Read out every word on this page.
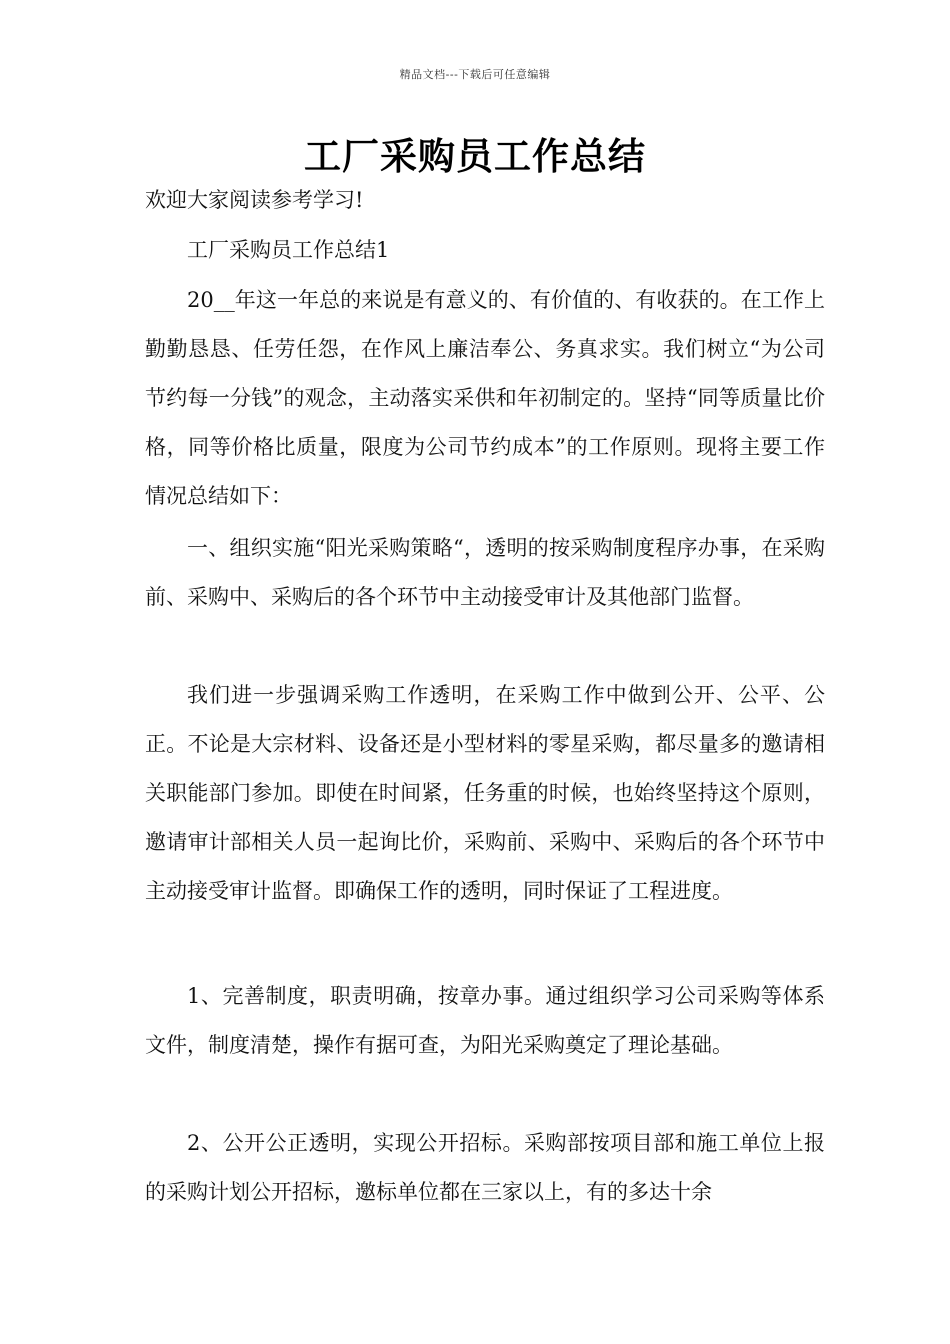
精品文档---下载后可任意编辑
工厂采购员工作总结
欢迎大家阅读参考学习!

工厂采购员工作总结1

20__年这一年总的来说是有意义的、有价值的、有收获的。在工作上勤勤恳恳、任劳任怨，在作风上廉洁奉公、务真求实。我们树立“为公司节约每一分钱”的观念，主动落实采供和年初制定的。坚持“同等质量比价格，同等价格比质量，限度为公司节约成本”的工作原则。现将主要工作情况总结如下：

一、组织实施“阳光采购策略“，透明的按采购制度程序办事，在采购前、采购中、采购后的各个环节中主动接受审计及其他部门监督。

我们进一步强调采购工作透明，在采购工作中做到公开、公平、公正。不论是大宗材料、设备还是小型材料的零星采购，都尽量多的邀请相关职能部门参加。即使在时间紧，任务重的时候，也始终坚持这个原则，邀请审计部相关人员一起询比价，采购前、采购中、采购后的各个环节中主动接受审计监督。即确保工作的透明，同时保证了工程进度。

1、完善制度，职责明确，按章办事。通过组织学习公司采购等体系文件，制度清楚，操作有据可查，为阳光采购奠定了理论基础。

2、公开公正透明，实现公开招标。采购部按项目部和施工单位上报的采购计划公开招标，邀标单位都在三家以上，有的多达十余
